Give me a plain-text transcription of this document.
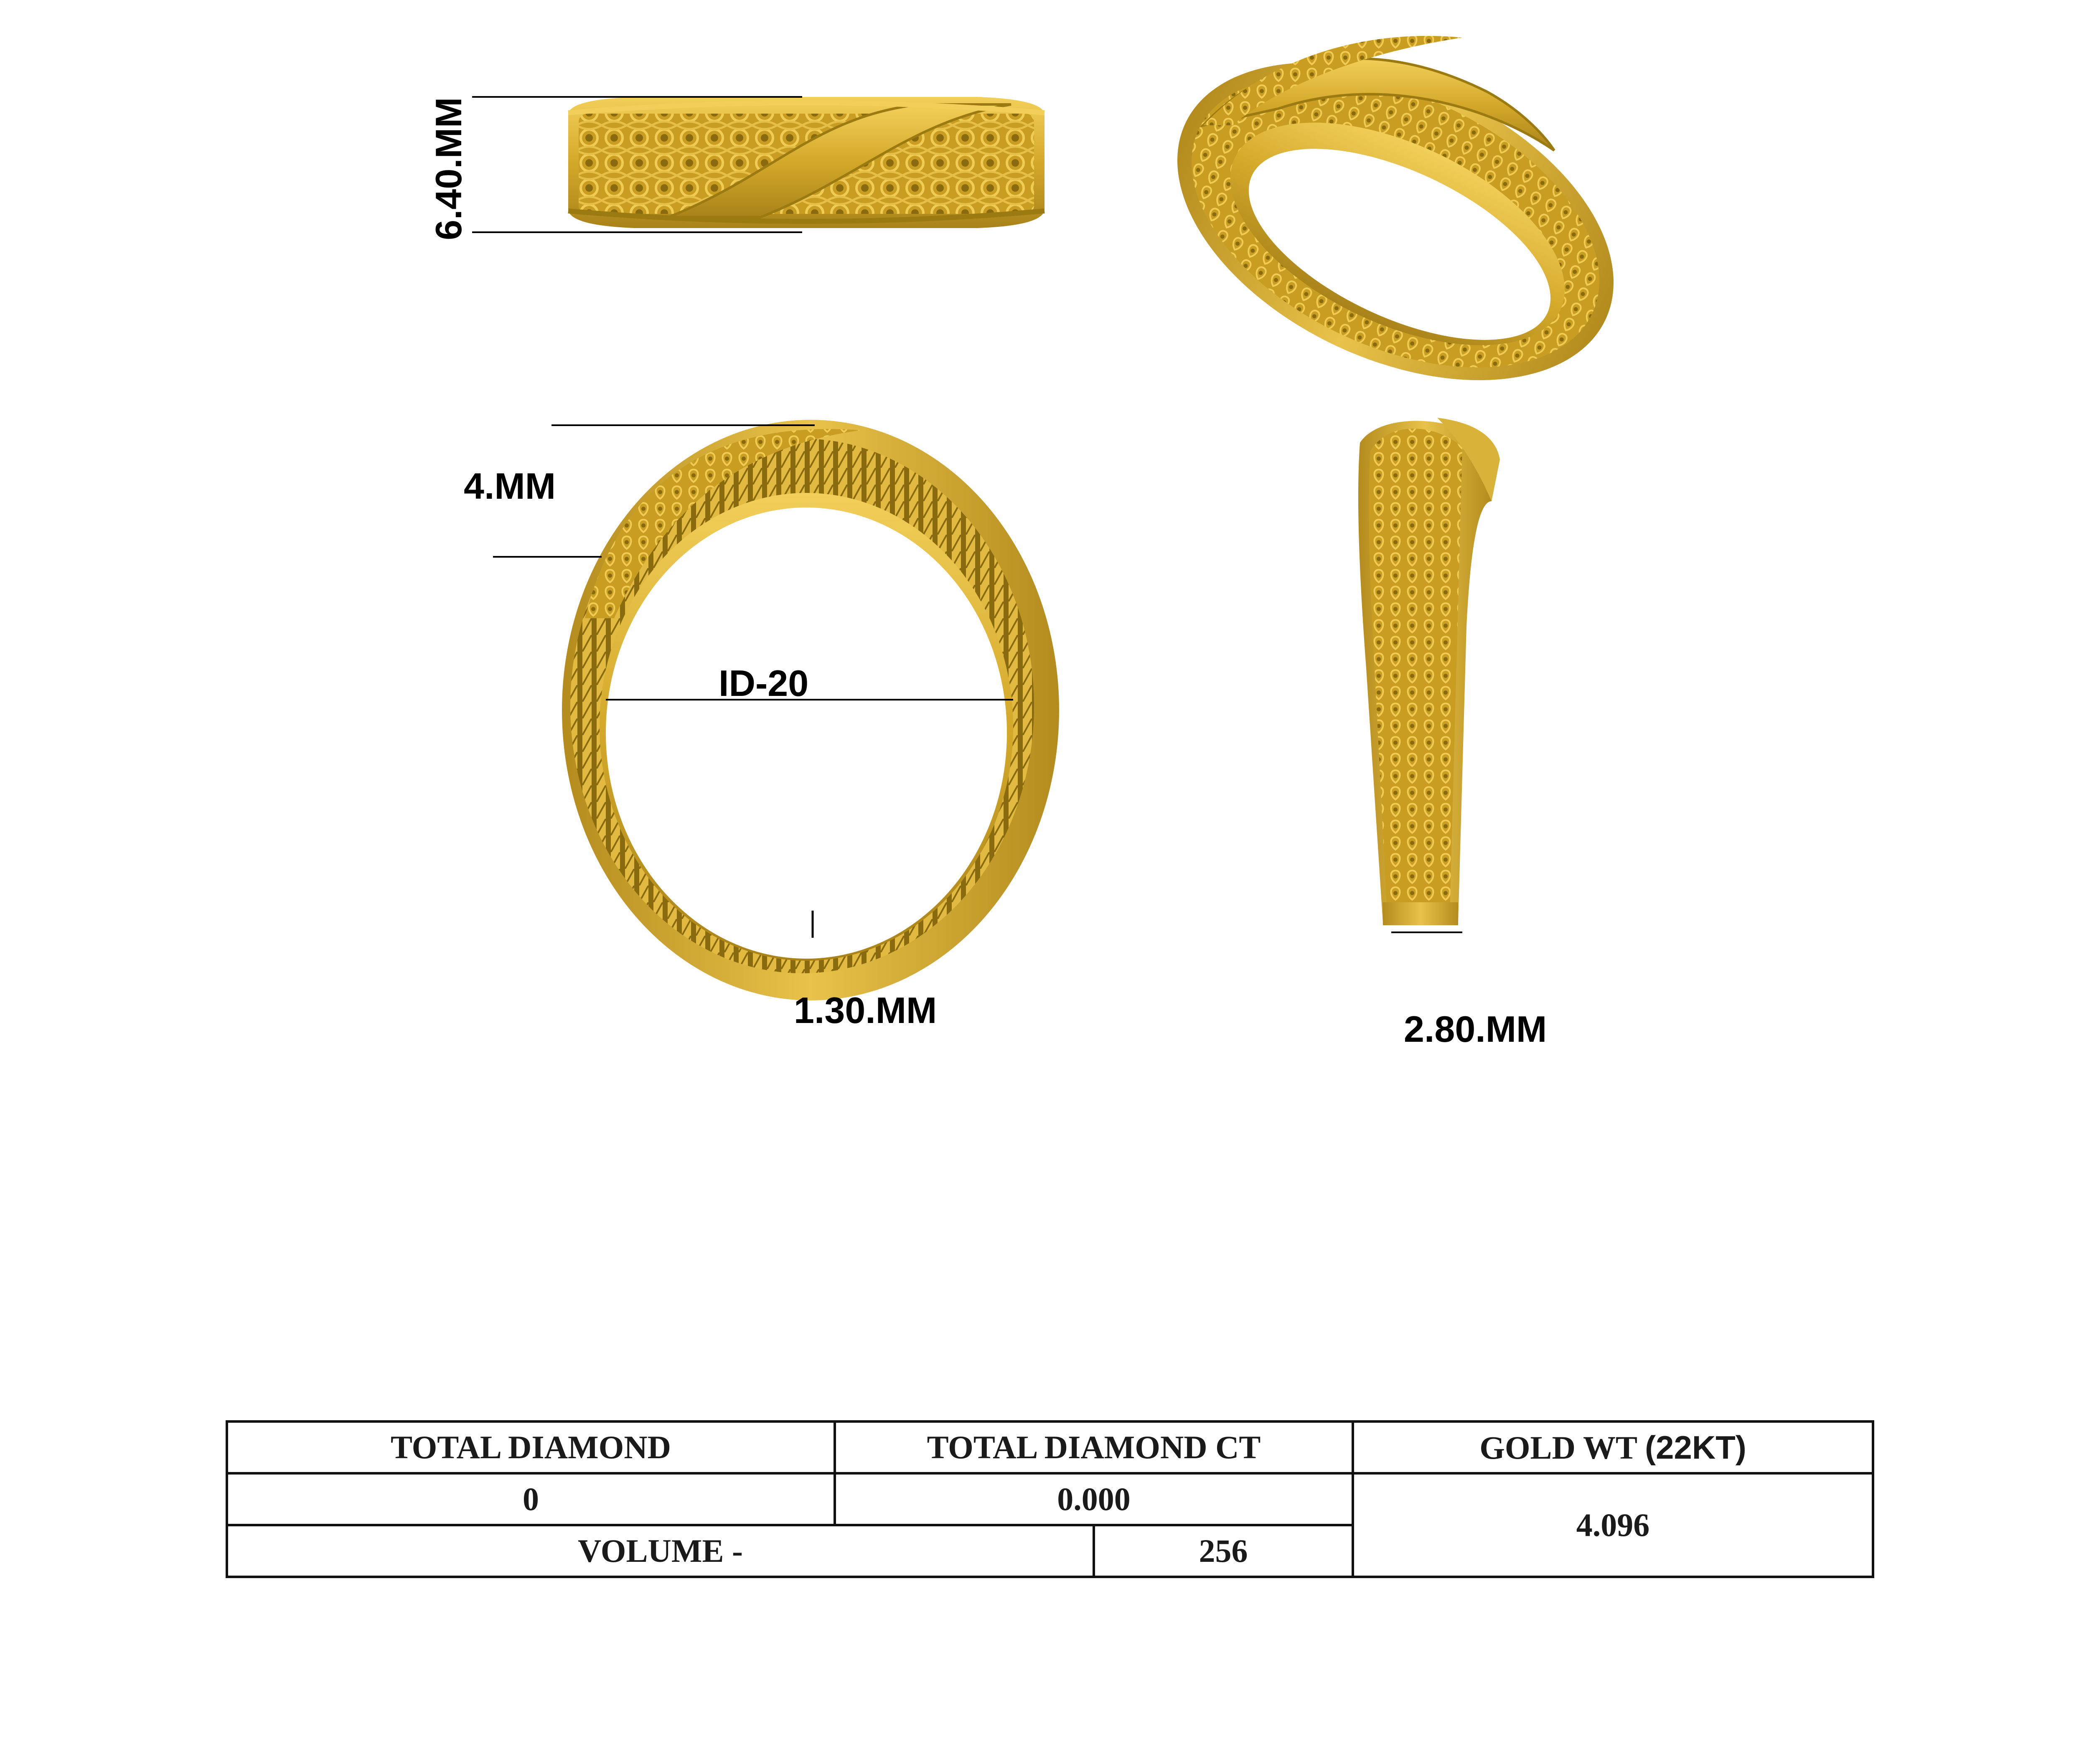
6.40.MM
4.MM
ID-20
1.30.MM	2.80.MM
TOTAL DIAMOND	TOTAL DIAMOND CT		GOLD WT (22KT)
0	0.000		4.096
VOLUME -		256	
